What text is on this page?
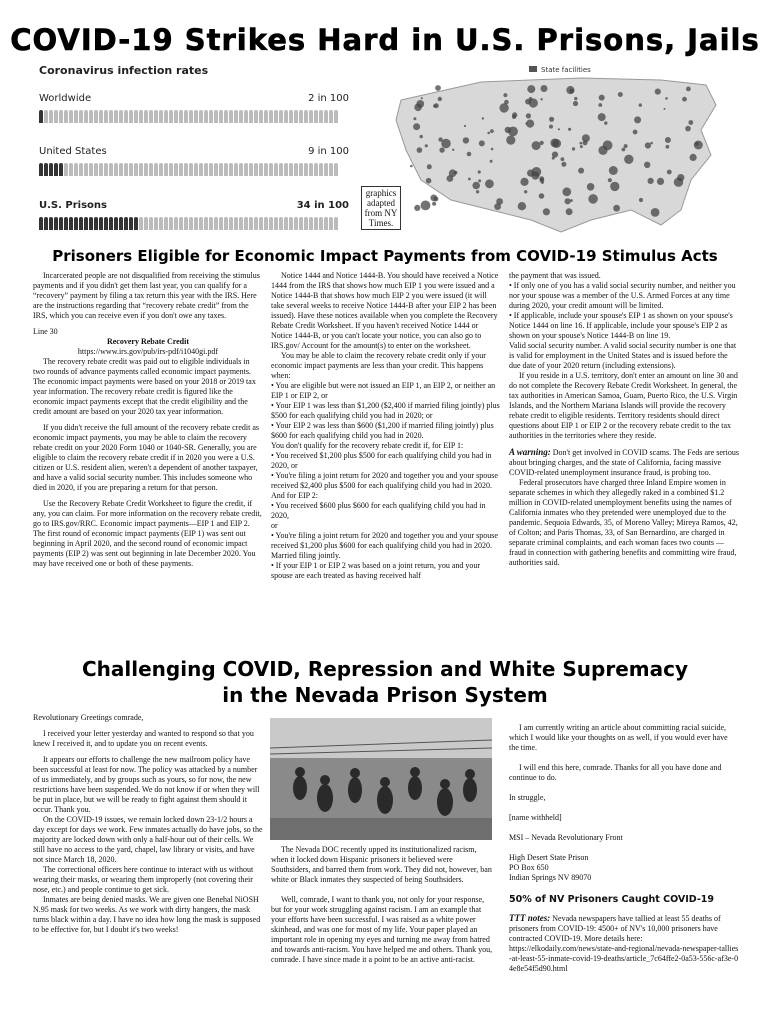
COVID-19 Strikes Hard in U.S. Prisons, Jails
Coronavirus infection rates
Worldwide	2 in 100
United States	9 in 100
U.S. Prisons	34 in 100
State facilities
graphics adapted from NY Times.
Prisoners Eligible for Economic Impact Payments from COVID-19 Stimulus Acts

Incarcerated people are not disqualified from receiving the stimulus payments and if you didn't get them last year, you can qualify for a “recovery” payment by filing a tax return this year with the IRS. Here are the instructions regarding that “recovery rebate credit” from the IRS, which you can receive even if you don't owe any taxes.

Line 30

Recovery Rebate Credit

https://www.irs.gov/pub/irs-pdf/i1040gi.pdf

The recovery rebate credit was paid out to eligible individuals in two rounds of advance payments called economic impact payments. The economic impact payments were based on your 2018 or 2019 tax year information. The recovery rebate credit is figured like the economic impact payments except that the credit eligibility and the credit amount are based on your 2020 tax year information.

If you didn't receive the full amount of the recovery rebate credit as economic impact payments, you may be able to claim the recovery rebate credit on your 2020 Form 1040 or 1040-SR. Generally, you are eligible to claim the recovery rebate credit if in 2020 you were a U.S. citizen or U.S. resident alien, weren't a dependent of another taxpayer, and have a valid social security number. This includes someone who died in 2020, if you are preparing a return for that person.

Use the Recovery Rebate Credit Worksheet to figure the credit, if any, you can claim. For more information on the recovery rebate credit, go to IRS.gov/RRC. Economic impact payments—EIP 1 and EIP 2. The first round of economic impact payments (EIP 1) was sent out beginning in April 2020, and the second round of economic impact payments (EIP 2) was sent out beginning in late December 2020. You may have received one or both of these payments.

Notice 1444 and Notice 1444-B. You should have received a Notice 1444 from the IRS that shows how much EIP 1 you were issued and a Notice 1444-B that shows how much EIP 2 you were issued (it will take several weeks to receive Notice 1444-B after your EIP 2 has been issued). Have these notices available when you complete the Recovery Rebate Credit Worksheet. If you haven't received Notice 1444 or Notice 1444-B, or you can't locate your notice, you can also go to IRS.gov/ Account for the amount(s) to enter on the worksheet.

You may be able to claim the recovery rebate credit only if your economic impact payments are less than your credit. This happens when:

• You are eligible but were not issued an EIP 1, an EIP 2, or neither an EIP 1 or EIP 2, or

• Your EIP 1 was less than $1,200 ($2,400 if married filing jointly) plus $500 for each qualifying child you had in 2020; or

• Your EIP 2 was less than $600 ($1,200 if married filing jointly) plus $600 for each qualifying child you had in 2020.

You don't qualify for the recovery rebate credit if, for EIP 1:

• You received $1,200 plus $500 for each qualifying child you had in 2020, or

• You're filing a joint return for 2020 and together you and your spouse received $2,400 plus $500 for each qualifying child you had in 2020.

And for EIP 2:

• You received $600 plus $600 for each qualifying child you had in 2020,

or

• You're filing a joint return for 2020 and together you and your spouse received $1,200 plus $600 for each qualifying child you had in 2020.

Married filing jointly.

• If your EIP 1 or EIP 2 was based on a joint return, you and your spouse are each treated as having received half

the payment that was issued.

• If only one of you has a valid social security number, and neither you nor your spouse was a member of the U.S. Armed Forces at any time during 2020, your credit amount will be limited.

• If applicable, include your spouse's EIP 1 as shown on your spouse's Notice 1444 on line 16. If applicable, include your spouse's EIP 2 as shown on your spouse's Notice 1444-B on line 19.

Valid social security number. A valid social security number is one that is valid for employment in the United States and is issued before the due date of your 2020 return (including extensions).

If you reside in a U.S. territory, don't enter an amount on line 30 and do not complete the Recovery Rebate Credit Worksheet. In general, the tax authorities in American Samoa, Guam, Puerto Rico, the U.S. Virgin Islands, and the Northern Mariana Islands will provide the recovery rebate credit to eligible residents. Territory residents should direct questions about EIP 1 or EIP 2 or the recovery rebate credit to the tax authorities in the territories where they reside.

A warning: Don't get involved in COVID scams. The Feds are serious about bringing charges, and the state of California, facing massive COVID-related unemployment insurance fraud, is probing too.

Federal prosecutors have charged three Inland Empire women in separate schemes in which they allegedly raked in a combined $1.2 million in COVID-related unemployment benefits using the names of California inmates who they pretended were unemployed due to the pandemic. Sequoia Edwards, 35, of Moreno Valley; Mireya Ramos, 42, of Colton; and Paris Thomas, 33, of San Bernardino, are charged in separate criminal complaints, and each woman faces two counts — fraud in connection with gathering benefits and committing wire fraud, authorities said.

Challenging COVID, Repression and White Supremacy
in the Nevada Prison System

Revolutionary Greetings comrade,

I received your letter yesterday and wanted to respond so that you knew I received it, and to update you on recent events.

It appears our efforts to challenge the new mailroom policy have been successful at least for now. The policy was attacked by a number of us immediately, and by groups such as yours, so for now, the new restrictions have been suspended. We do not know if or when they will be put in place, but we will be ready to fight against them should it occur. Thank you.

On the COVID-19 issues, we remain locked down 23-1/2 hours a day except for days we work. Few inmates actually do have jobs, so the majority are locked down with only a half-hour out of their cells. We still have no access to the yard, chapel, law library or visits, and have not since March 18, 2020.

The correctional officers here continue to interact with us without wearing their masks, or wearing them improperly (not covering their nose, etc.) and people continue to get sick.

Inmates are being denied masks. We are given one Benehal NiOSH N.95 mask for two weeks. As we work with dirty hangers, the mask turns black within a day. I have no idea how long the mask is supposed to be effective for, but I doubt it's two weeks!

The Nevada DOC recently upped its institutionalized racism, when it locked down Hispanic prisoners it believed were Southsiders, and barred them from work. They did not, however, ban white or Black inmates they suspected of being Southsiders.

Well, comrade, I want to thank you, not only for your response, but for your work struggling against racism. I am an example that your efforts have been successful. I was raised as a white power skinhead, and was one for most of my life. Your paper played an important role in opening my eyes and turning me away from hatred and towards anti-racism. You have helped me and others. Thank you, comrade. I have since made it a point to be an active anti-racist.

I am currently writing an article about committing racial suicide, which I would like your thoughts on as well, if you would ever have the time.

I will end this here, comrade. Thanks for all you have done and continue to do.

In struggle,

[name withheld]

MSI – Nevada Revolutionary Front

High Desert State Prison

PO Box 650

Indian Springs NV 89070

50% of NV Prisoners Caught COVID-19

TTT notes: Nevada newspapers have tallied at least 55 deaths of prisoners from COVID-19: 4500+ of NV's 10,000 prisoners have contracted COVID-19. More details here:

https://elkodaily.com/news/state-and-regional/nevada-newspaper-tallies-at-least-55-inmate-covid-19-deaths/article_7c64ffe2-0a53-556c-af3e-04e8e54f5d90.html
